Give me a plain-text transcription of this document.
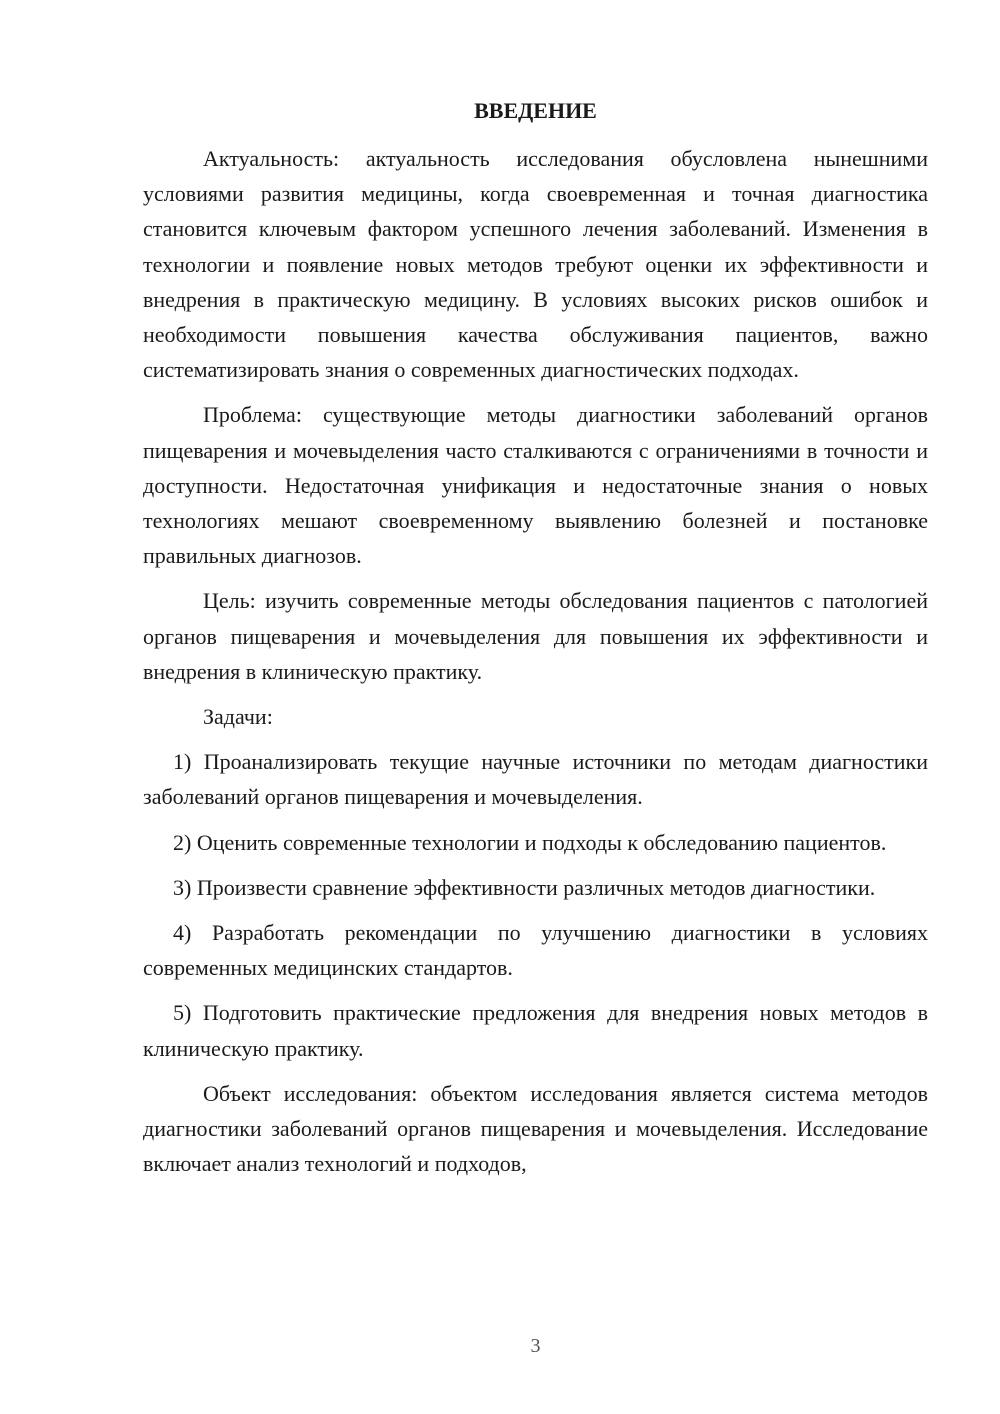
ВВЕДЕНИЕ

Актуальность: актуальность исследования обусловлена нынешними условиями развития медицины, когда своевременная и точная диагностика становится ключевым фактором успешного лечения заболеваний. Изменения в технологии и появление новых методов требуют оценки их эффективности и внедрения в практическую медицину. В условиях высоких рисков ошибок и необходимости повышения качества обслуживания пациентов, важно систематизировать знания о современных диагностических подходах.

Проблема: существующие методы диагностики заболеваний органов пищеварения и мочевыделения часто сталкиваются с ограничениями в точности и доступности. Недостаточная унификация и недостаточные знания о новых технологиях мешают своевременному выявлению болезней и постановке правильных диагнозов.

Цель: изучить современные методы обследования пациентов с патологией органов пищеварения и мочевыделения для повышения их эффективности и внедрения в клиническую практику.

Задачи:

1) Проанализировать текущие научные источники по методам диагностики заболеваний органов пищеварения и мочевыделения.

2) Оценить современные технологии и подходы к обследованию пациентов.

3) Произвести сравнение эффективности различных методов диагностики.

4) Разработать рекомендации по улучшению диагностики в условиях современных медицинских стандартов.

5) Подготовить практические предложения для внедрения новых методов в клиническую практику.

Объект исследования: объектом исследования является система методов диагностики заболеваний органов пищеварения и мочевыделения. Исследование включает анализ технологий и подходов,

3
